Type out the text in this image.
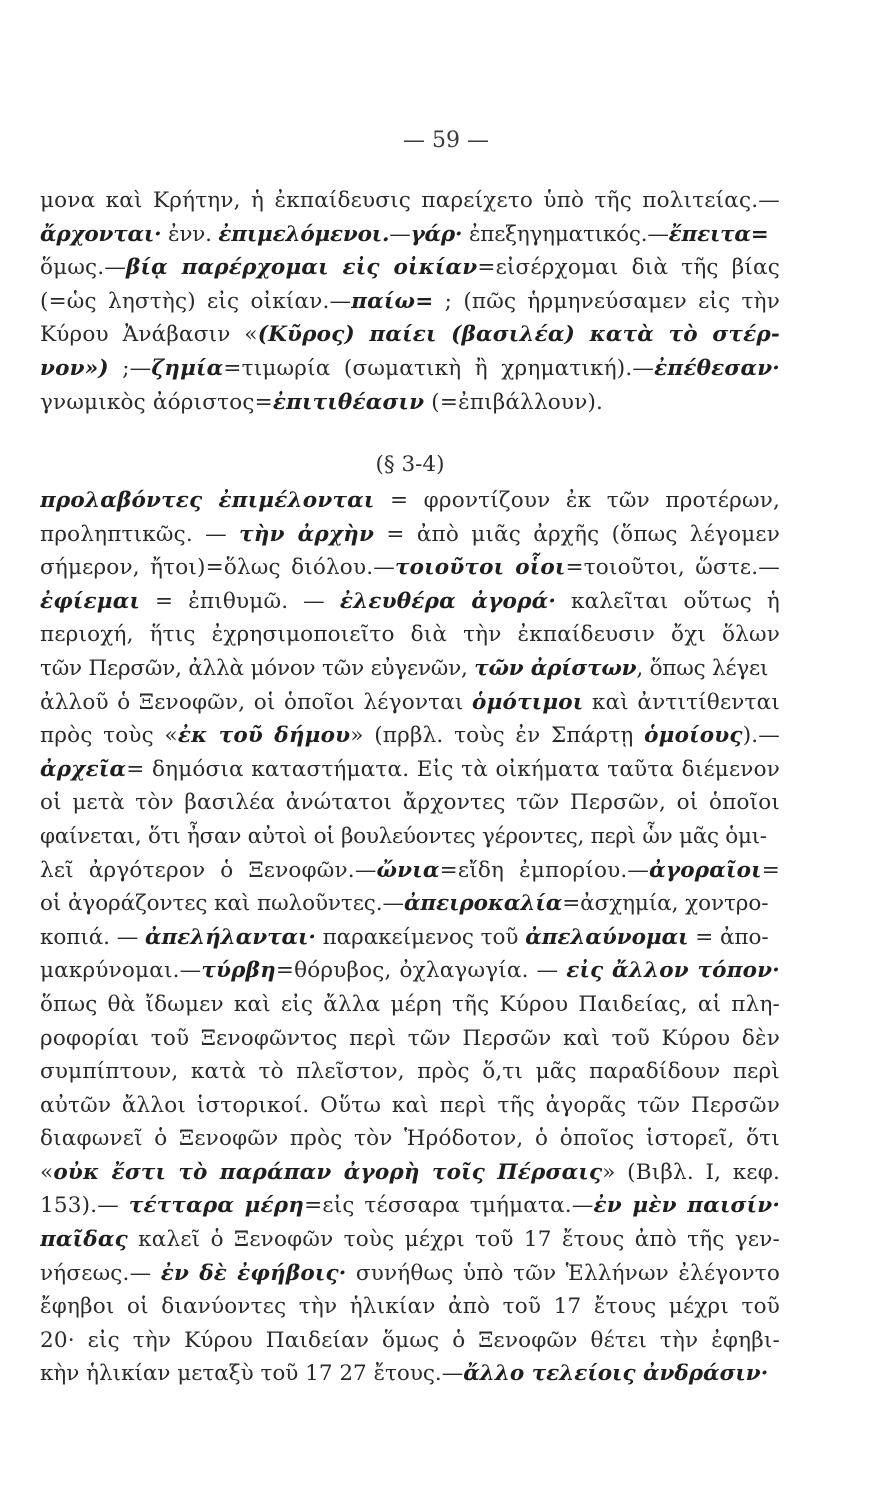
— 59 —
μονα καὶ Κρήτην, ἡ ἐκπαίδευσις παρείχετο ὑπὸ τῆς πολιτείας.—
ἄρχονται· ἐνν. ἐπιμελόμενοι.—γάρ· ἐπεξηγηματικός.—ἔπειτα=
ὅμως.—βίᾳ παρέρχομαι εἰς οἰκίαν=εἰσέρχομαι διὰ τῆς βίας
(=ὡς ληστὴς) εἰς οἰκίαν.—παίω= ; (πῶς ἡρμηνεύσαμεν εἰς τὴν
Κύρου Ἀνάβασιν «(Κῦρος) παίει (βασιλέα) κατὰ τὸ στέρ-
νον») ;—ζημία=τιμωρία (σωματικὴ ἢ χρηματική).—ἐπέθεσαν·
γνωμικὸς ἀόριστος=ἐπιτιθέασιν (=ἐπιβάλλουν).
(§ 3-4)
προλαβόντες ἐπιμέλονται = φροντίζουν ἐκ τῶν προτέρων,
προληπτικῶς. — τὴν ἀρχὴν = ἀπὸ μιᾶς ἀρχῆς (ὅπως λέγομεν
σήμερον, ἤτοι)=ὅλως διόλου.—τοιοῦτοι οἷοι=τοιοῦτοι, ὥστε.—
ἐφίεμαι = ἐπιθυμῶ. — ἐλευθέρα ἀγορά· καλεῖται οὕτως ἡ
περιοχή, ἥτις ἐχρησιμοποιεῖτο διὰ τὴν ἐκπαίδευσιν ὄχι ὅλων
τῶν Περσῶν, ἀλλὰ μόνον τῶν εὐγενῶν, τῶν ἀρίστων, ὅπως λέγει
ἀλλοῦ ὁ Ξενοφῶν, οἱ ὁποῖοι λέγονται ὁμότιμοι καὶ ἀντιτίθενται
πρὸς τοὺς «ἐκ τοῦ δήμου» (πρβλ. τοὺς ἐν Σπάρτῃ ὁμοίους).—
ἀρχεῖα= δημόσια καταστήματα. Εἰς τὰ οἰκήματα ταῦτα διέμενον
οἱ μετὰ τὸν βασιλέα ἀνώτατοι ἄρχοντες τῶν Περσῶν, οἱ ὁποῖοι
φαίνεται, ὅτι ἦσαν αὐτοὶ οἱ βουλεύοντες γέροντες, περὶ ὧν μᾶς ὁμι-
λεῖ ἀργότερον ὁ Ξενοφῶν.—ὤνια=εἴδη ἐμπορίου.—ἀγοραῖοι=
οἱ ἀγοράζοντες καὶ πωλοῦντες.—ἀπειροκαλία=ἀσχημία, χοντρο-
κοπιά. — ἀπελήλανται· παρακείμενος τοῦ ἀπελαύνομαι = ἀπο-
μακρύνομαι.—τύρβη=θόρυβος, ὀχλαγωγία. — εἰς ἄλλον τόπον·
ὅπως θὰ ἴδωμεν καὶ εἰς ἄλλα μέρη τῆς Κύρου Παιδείας, αἱ πλη-
ροφορίαι τοῦ Ξενοφῶντος περὶ τῶν Περσῶν καὶ τοῦ Κύρου δὲν
συμπίπτουν, κατὰ τὸ πλεῖστον, πρὸς ὅ,τι μᾶς παραδίδουν περὶ
αὐτῶν ἄλλοι ἱστορικοί. Οὕτω καὶ περὶ τῆς ἀγορᾶς τῶν Περσῶν
διαφωνεῖ ὁ Ξενοφῶν πρὸς τὸν Ἡρόδοτον, ὁ ὁποῖος ἱστορεῖ, ὅτι
«οὐκ ἔστι τὸ παράπαν ἀγορὴ τοῖς Πέρσαις» (Βιβλ. Ι, κεφ.
153).— τέτταρα μέρη=εἰς τέσσαρα τμήματα.—ἐν μὲν παισίν·
παῖδας καλεῖ ὁ Ξενοφῶν τοὺς μέχρι τοῦ 17 ἔτους ἀπὸ τῆς γεν-
νήσεως.— ἐν δὲ ἐφήβοις· συνήθως ὑπὸ τῶν Ἑλλήνων ἐλέγοντο
ἔφηβοι οἱ διανύοντες τὴν ἡλικίαν ἀπὸ τοῦ 17 ἔτους μέχρι τοῦ
20· εἰς τὴν Κύρου Παιδείαν ὅμως ὁ Ξενοφῶν θέτει τὴν ἐφηβι-
κὴν ἡλικίαν μεταξὺ τοῦ 17 27 ἔτους.—ἄλλο τελείοις ἀνδράσιν·
